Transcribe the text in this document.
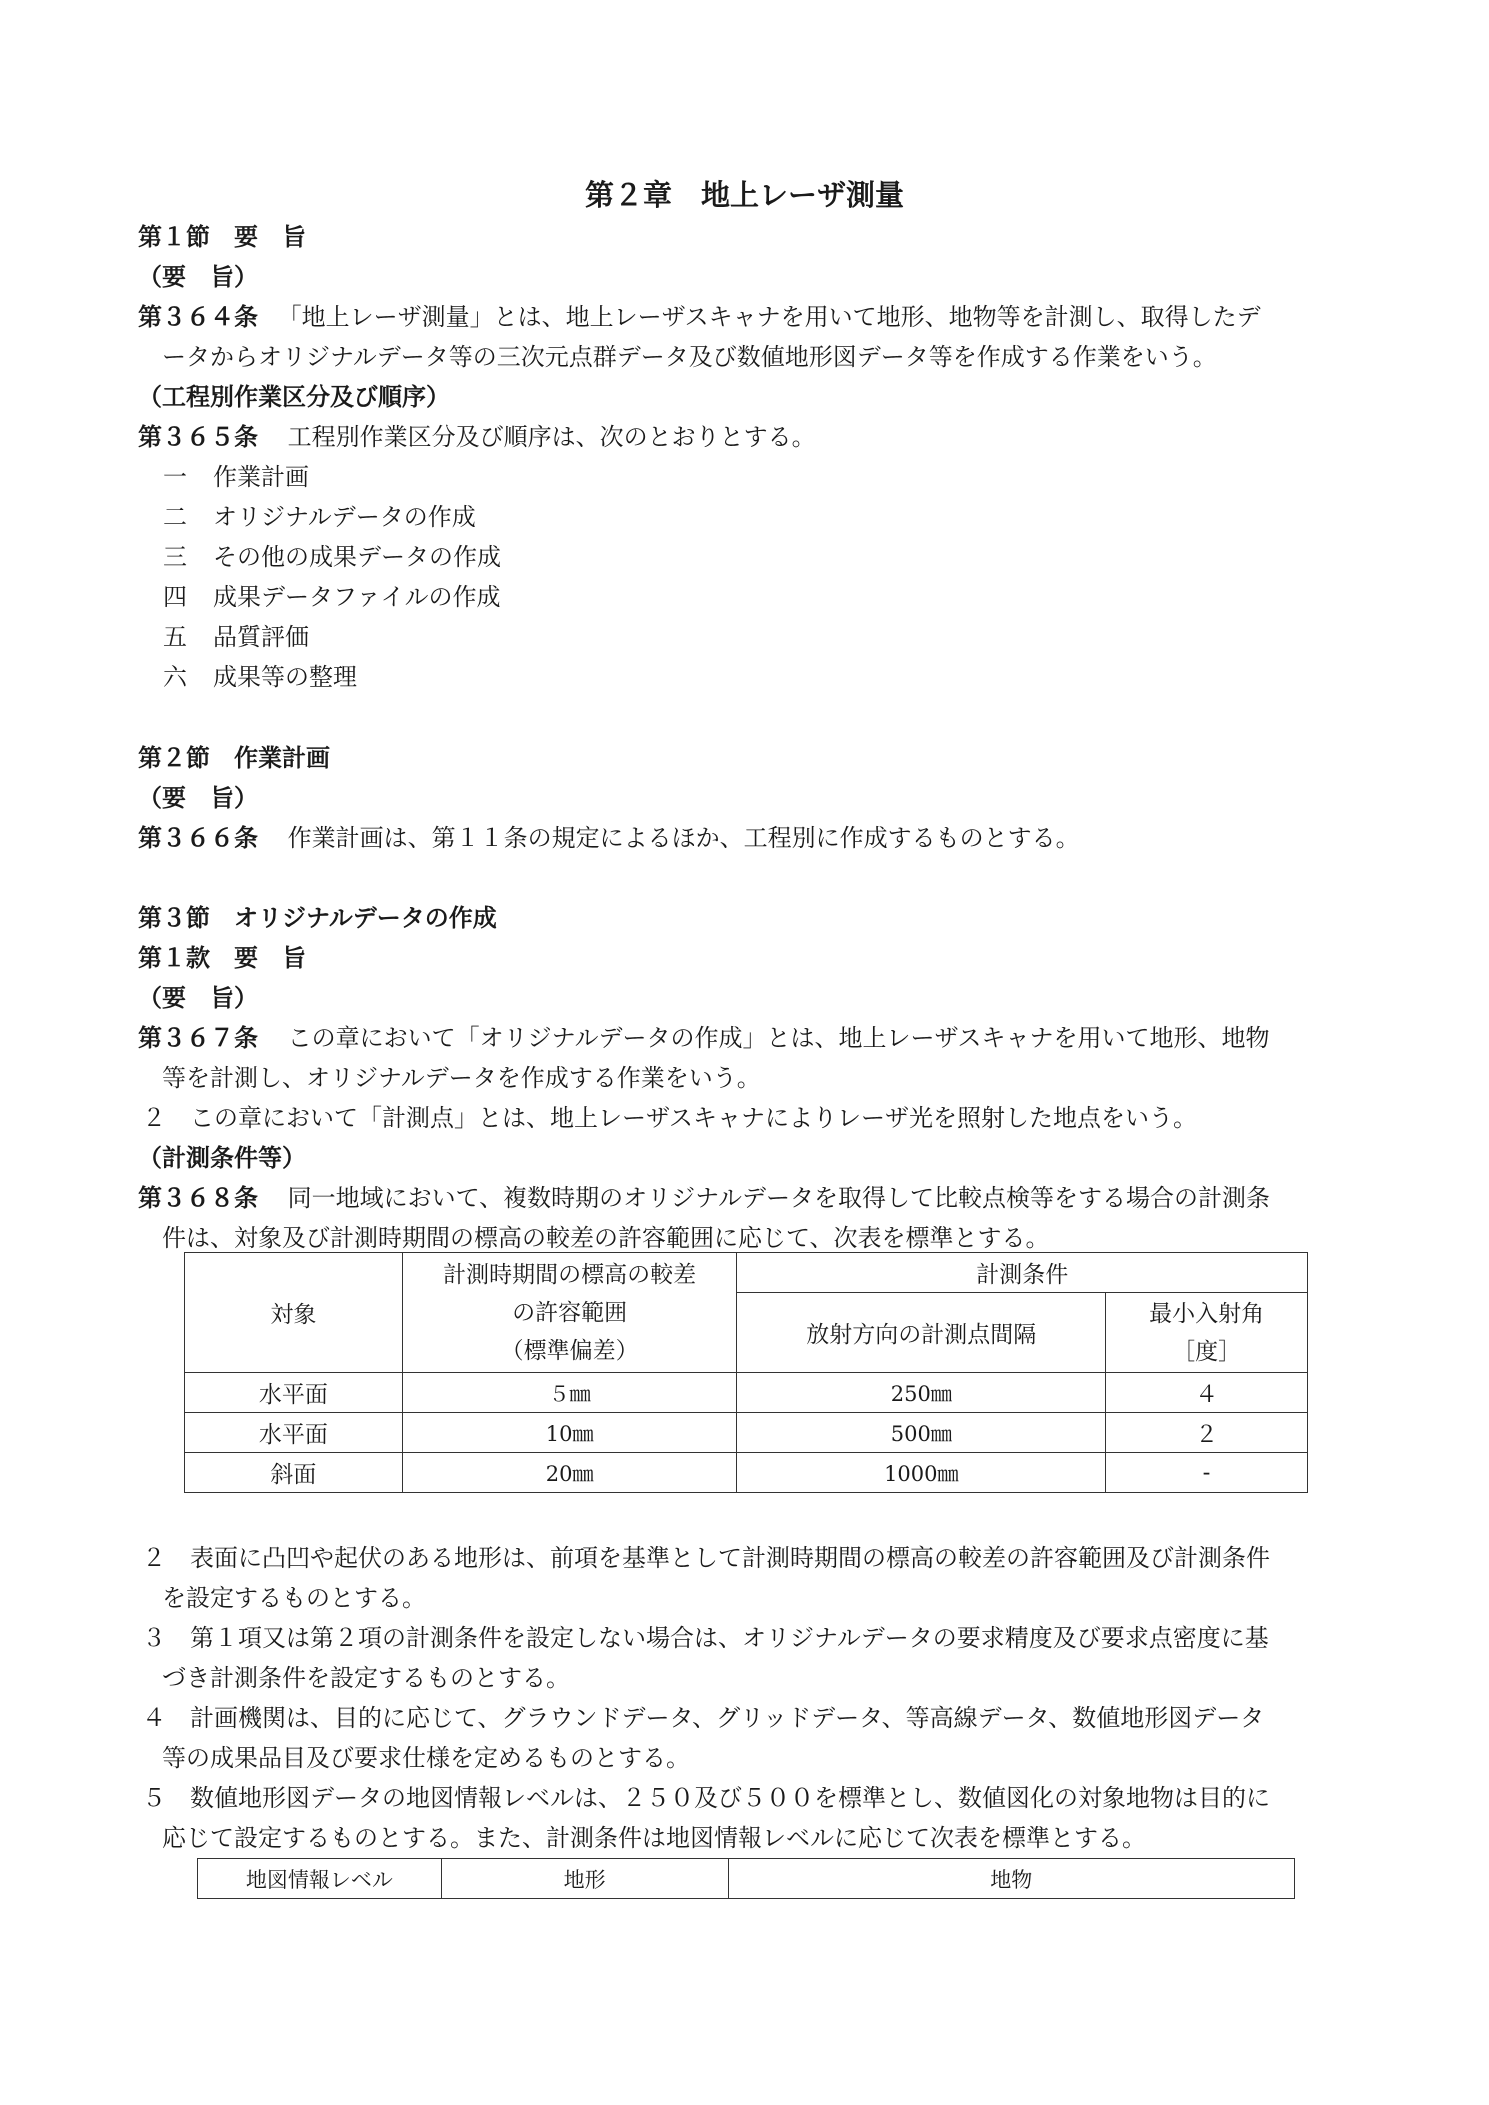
第２章　地上レーザ測量
第１節　要　旨
（要　旨）
第３６４条 「地上レーザ測量」とは、地上レーザスキャナを用いて地形、地物等を計測し、取得したデ
ータからオリジナルデータ等の三次元点群データ及び数値地形図データ等を作成する作業をいう。
（工程別作業区分及び順序）
第３６５条 工程別作業区分及び順序は、次のとおりとする。
一 作業計画
二 オリジナルデータの作成
三 その他の成果データの作成
四 成果データファイルの作成
五 品質評価
六 成果等の整理
第２節　作業計画
（要　旨）
第３６６条 作業計画は、第１１条の規定によるほか、工程別に作成するものとする。
第３節　オリジナルデータの作成
第１款　要　旨
（要　旨）
第３６７条 この章において「オリジナルデータの作成」とは、地上レーザスキャナを用いて地形、地物
等を計測し、オリジナルデータを作成する作業をいう。
２　この章において「計測点」とは、地上レーザスキャナによりレーザ光を照射した地点をいう。
（計測条件等）
第３６８条 同一地域において、複数時期のオリジナルデータを取得して比較点検等をする場合の計測条
件は、対象及び計測時期間の標高の較差の許容範囲に応じて、次表を標準とする。
対象	計測時期間の標高の較差
の許容範囲
（標準偏差）	計測条件	
		放射方向の計測点間隔	最小入射角
［度］

水平面	５㎜	250㎜	４
水平面	10㎜	500㎜	２
斜面	20㎜	1000㎜	-
２　表面に凸凹や起伏のある地形は、前項を基準として計測時期間の標高の較差の許容範囲及び計測条件
を設定するものとする。
３　第１項又は第２項の計測条件を設定しない場合は、オリジナルデータの要求精度及び要求点密度に基
づき計測条件を設定するものとする。
４　計画機関は、目的に応じて、グラウンドデータ、グリッドデータ、等高線データ、数値地形図データ
等の成果品目及び要求仕様を定めるものとする。
５　数値地形図データの地図情報レベルは、２５０及び５００を標準とし、数値図化の対象地物は目的に
応じて設定するものとする。また、計測条件は地図情報レベルに応じて次表を標準とする。
地図情報レベル	地形	地物
